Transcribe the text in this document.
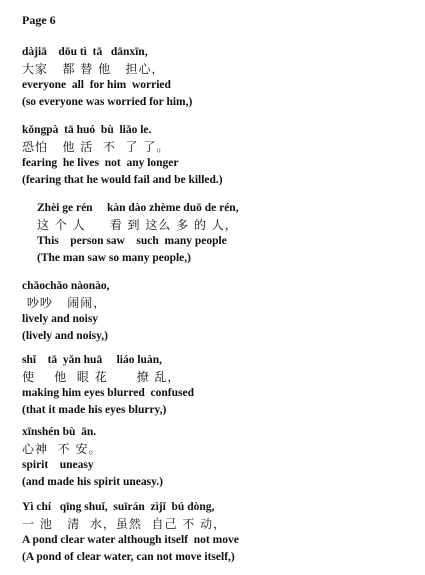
Page 6
dàjiā    dōu tì  tā   dānxīn,
大家   都 替 他   担心，
everyone  all  for him  worried
(so everyone was worried for him,)
kǒngpà  tā huó  bù  liǎo le.
恐怕   他 活  不  了 了。
fearing  he lives  not  any longer
(fearing that he would fail and be killed.)
Zhèi ge rén     kàn dào zhème duō de rén,
这 个 人     看 到 这么 多 的 人，
This    person saw    such  many people
(The man saw so many people,)
chǎochǎo nàonào,
吵吵   闹闹，
lively and noisy
(lively and noisy,)
shǐ    tā  yǎn huā     liáo luàn,
使    他  眼 花      撩 乱，
making him eyes blurred  confused
(that it made his eyes blurry,)
xīnshén bù  ān.
心神  不 安。
spirit    uneasy
(and made his spirit uneasy.)
Yì chí   qīng shuǐ,  suīrán  zìjǐ  bú dòng,
一 池   清  水，虽然  自己 不 动，
A pond clear water although itself  not move
(A pond of clear water, can not move itself,)
